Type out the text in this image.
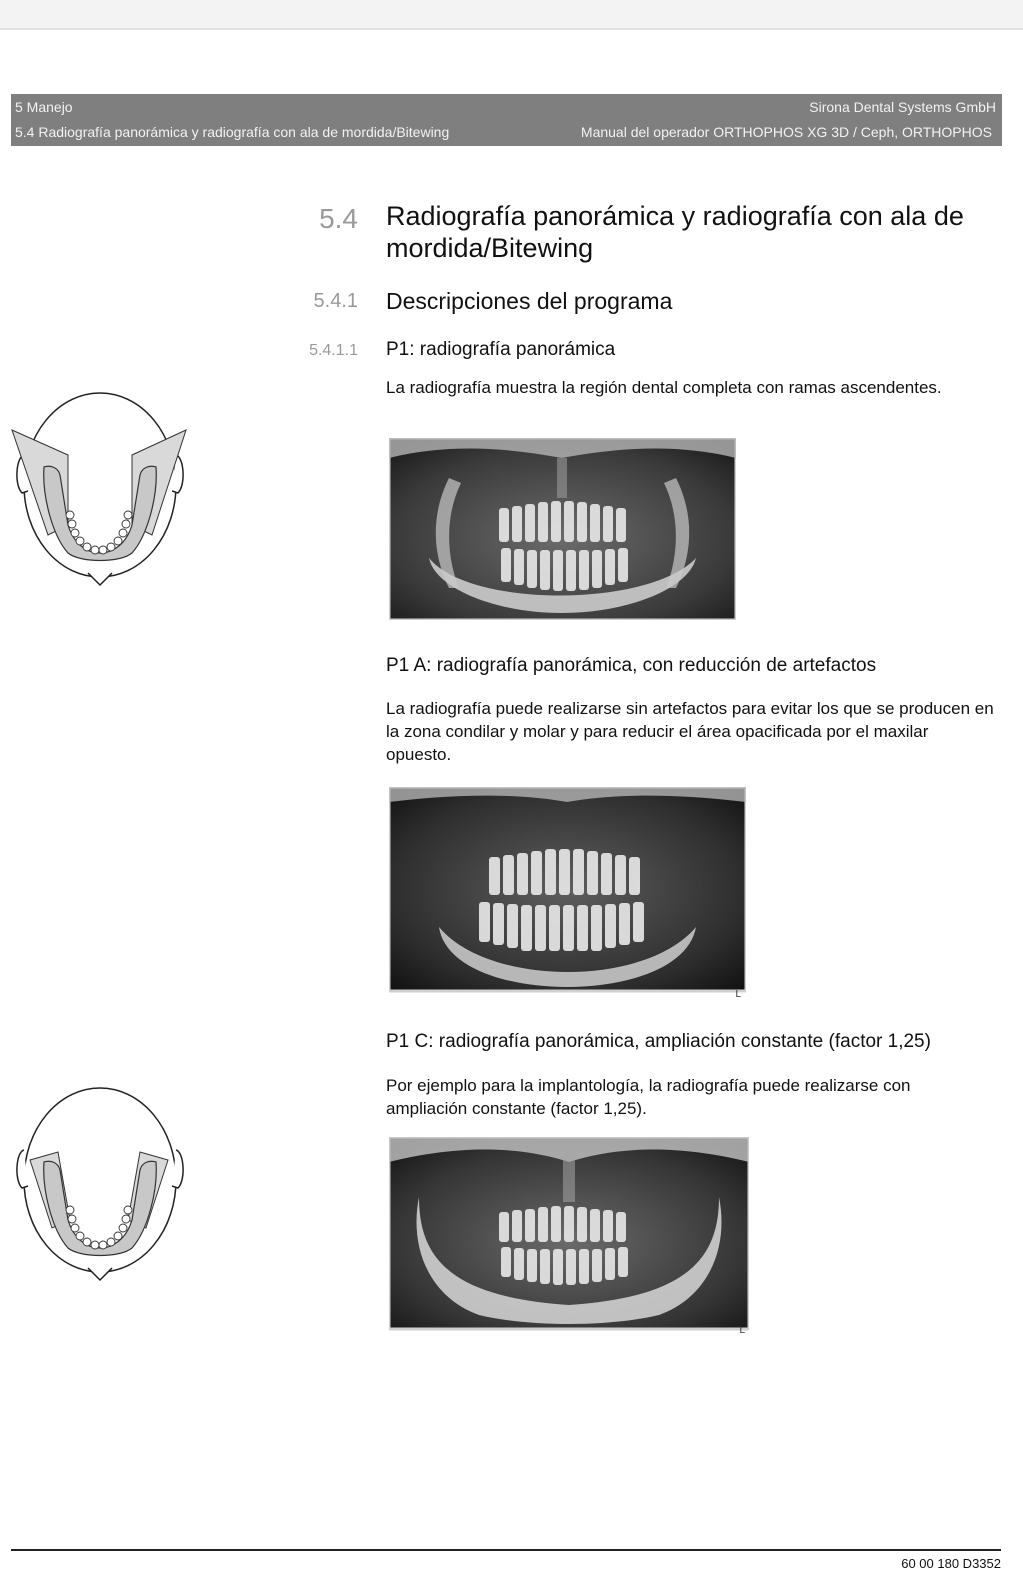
5 Manejo	Sirona Dental Systems GmbH
5.4 Radiografía panorámica y radiografía con ala de mordida/Bitewing	Manual del operador ORTHOPHOS XG 3D / Ceph, ORTHOPHOS
5.4 Radiografía panorámica y radiografía con ala de mordida/Bitewing
5.4.1 Descripciones del programa
5.4.1.1 P1: radiografía panorámica
La radiografía muestra la región dental completa con ramas ascendentes.
P1 A: radiografía panorámica, con reducción de artefactos
La radiografía puede realizarse sin artefactos para evitar los que se producen en la zona condilar y molar y para reducir el área opacificada por el maxilar opuesto.
L
P1 C: radiografía panorámica, ampliación constante (factor 1,25)
Por ejemplo para la implantología, la radiografía puede realizarse con ampliación constante (factor 1,25).
L
60 00 180 D3352
